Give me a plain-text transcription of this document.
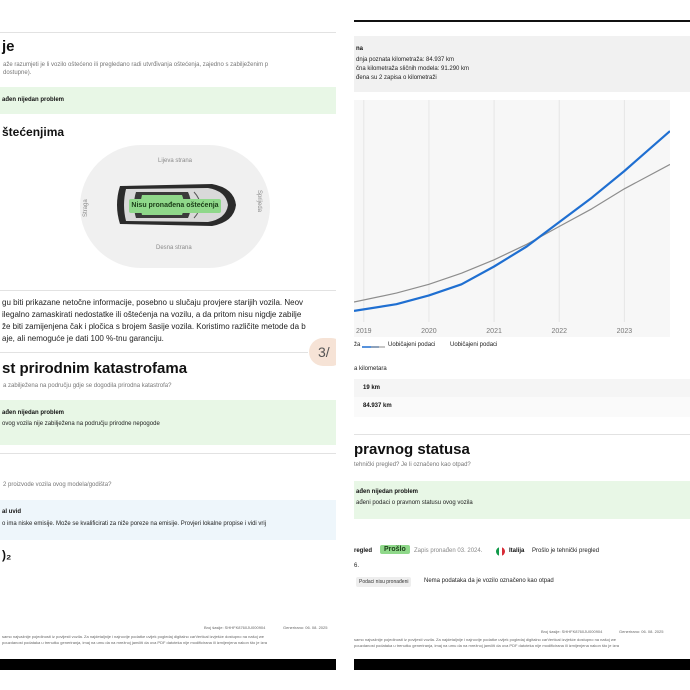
je
aže razumjeti je li vozilo oštećeno ili pregledano radi utvrđivanja oštećenja, zajedno s zabilježenim p
dostupne).
ađen nijedan problem
štećenjima
Lijeva strana
Desna strana
Straga	Sprijeda
Nisu pronađena oštećenja
gu biti prikazane netočne informacije, posebno u slučaju provjere starijih vozila. Neov
ilegalno zamaskirati nedostatke ili oštećenja na vozilu, a da pritom nisu nigdje zabilje
že biti zamijenjena čak i pločica s brojem šasije vozila. Koristimo različite metode da b
aje, ali nemoguće je dati 100 %-tnu garanciju.
3/
st prirodnim katastrofama
a zabilježena na području gdje se dogodila prirodna katastrofa?
ađen nijedan problem
ovog vozila nije zabilježena na području prirodne nepogode
2 proizvode vozila ovog modela/godišta?
al uvid
o ima niske emisije. Može se kvalificirati za niže poreze na emisije. Provjeri lokalne propise i vidi vrij
)₂
Broj šasije: SHHFK8760JU000904	Generirano: 06. 08. 2025
samo najvažnije pojedinosti iz povijesti vozila. Za najdetaljnije i najnovije podatke uvijek pogledaj digitalno carVertical izvješće dostupno na našoj we
pouzdanost podataka u trenutku generiranja, imaj na umu da na mrežnoj jamčiti da ova PDF datoteka nije modificirana ili izmijenjena nakon što je izra
na
dnja poznata kilometraža: 84.937 km
čna kilometraža sličnih modela: 91.290 km
đena su 2 zapisa o kilometraži
2019	2020	2021	2022	2023
ža	Uobičajeni podaci Uobičajeni podaci
a kilometara
19 km
84.937 km
pravnog statusa
tehnički pregled? Je li označeno kao otpad?
ađen nijedan problem
ađeni podaci o pravnom statusu ovog vozila
regled	Prošlo	Zapis pronađen 03. 2024.	Italija Prošlo je tehnički pregled
6.
Podaci nisu pronađeni	Nema podataka da je vozilo označeno kao otpad
Broj šasije: SHHFK8760JU000904	Generirano: 06. 08. 2025
samo najvažnije pojedinosti iz povijesti vozila. Za najdetaljnije i najnovije podatke uvijek pogledaj digitalno carVertical izvješće dostupno na našoj we
pouzdanost podataka u trenutku generiranja, imaj na umu da na mrežnoj jamčiti da ova PDF datoteka nije modificirana ili izmijenjena nakon što je izra
